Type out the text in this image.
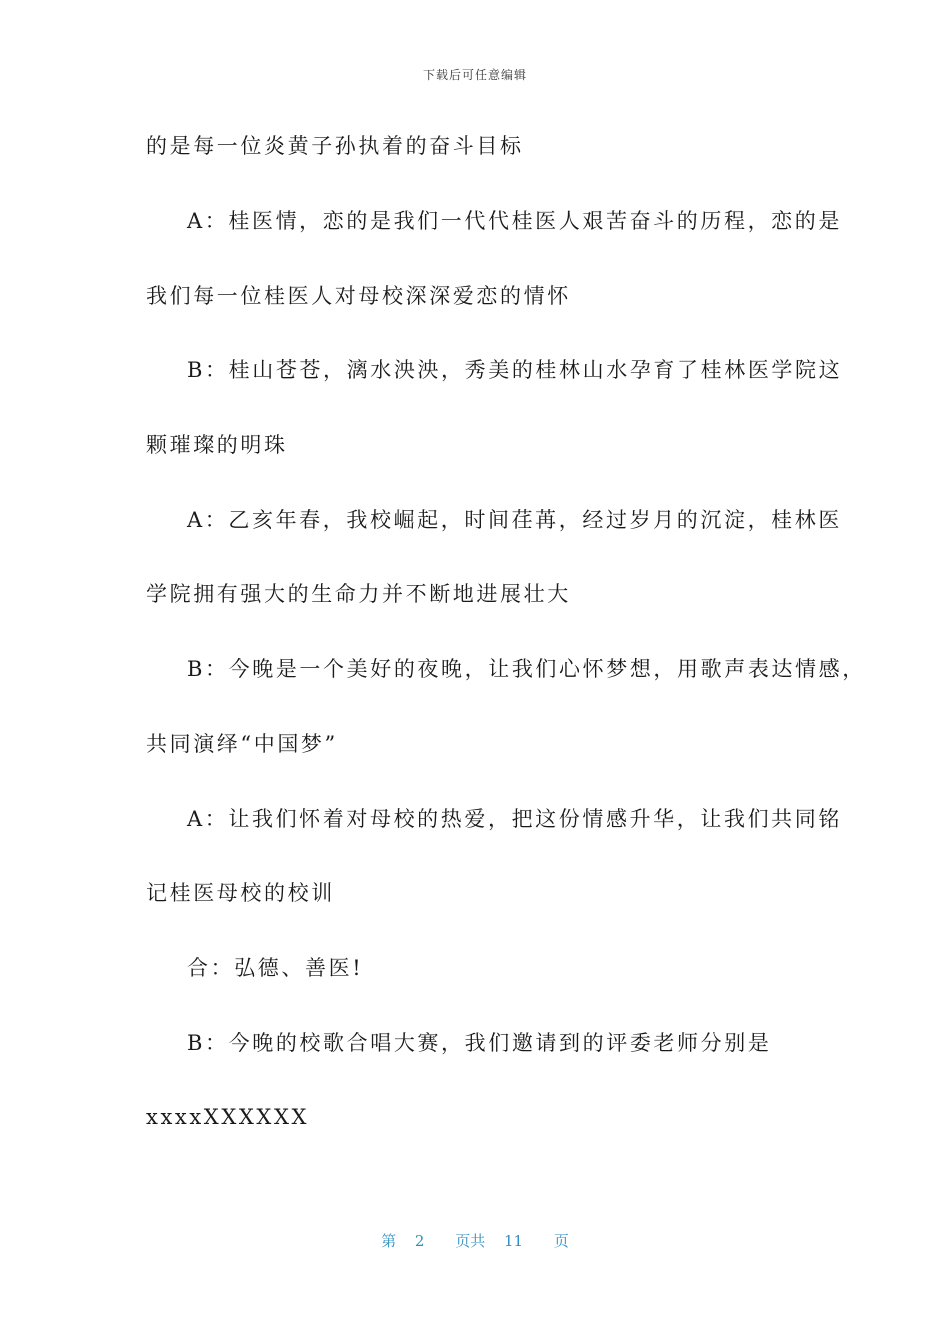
下载后可任意编辑
的是每一位炎黄子孙执着的奋斗目标
A：桂医情，恋的是我们一代代桂医人艰苦奋斗的历程，恋的是
我们每一位桂医人对母校深深爱恋的情怀
B：桂山苍苍，漓水泱泱，秀美的桂林山水孕育了桂林医学院这
颗璀璨的明珠
A：乙亥年春，我校崛起，时间荏苒，经过岁月的沉淀，桂林医
学院拥有强大的生命力并不断地进展壮大
B：今晚是一个美好的夜晚，让我们心怀梦想，用歌声表达情感，
共同演绎“中国梦”
A：让我们怀着对母校的热爱，把这份情感升华，让我们共同铭
记桂医母校的校训
合：弘德、善医!
B：今晚的校歌合唱大赛，我们邀请到的评委老师分别是
xxxxXXXXXX
第 2 页共 11 页
